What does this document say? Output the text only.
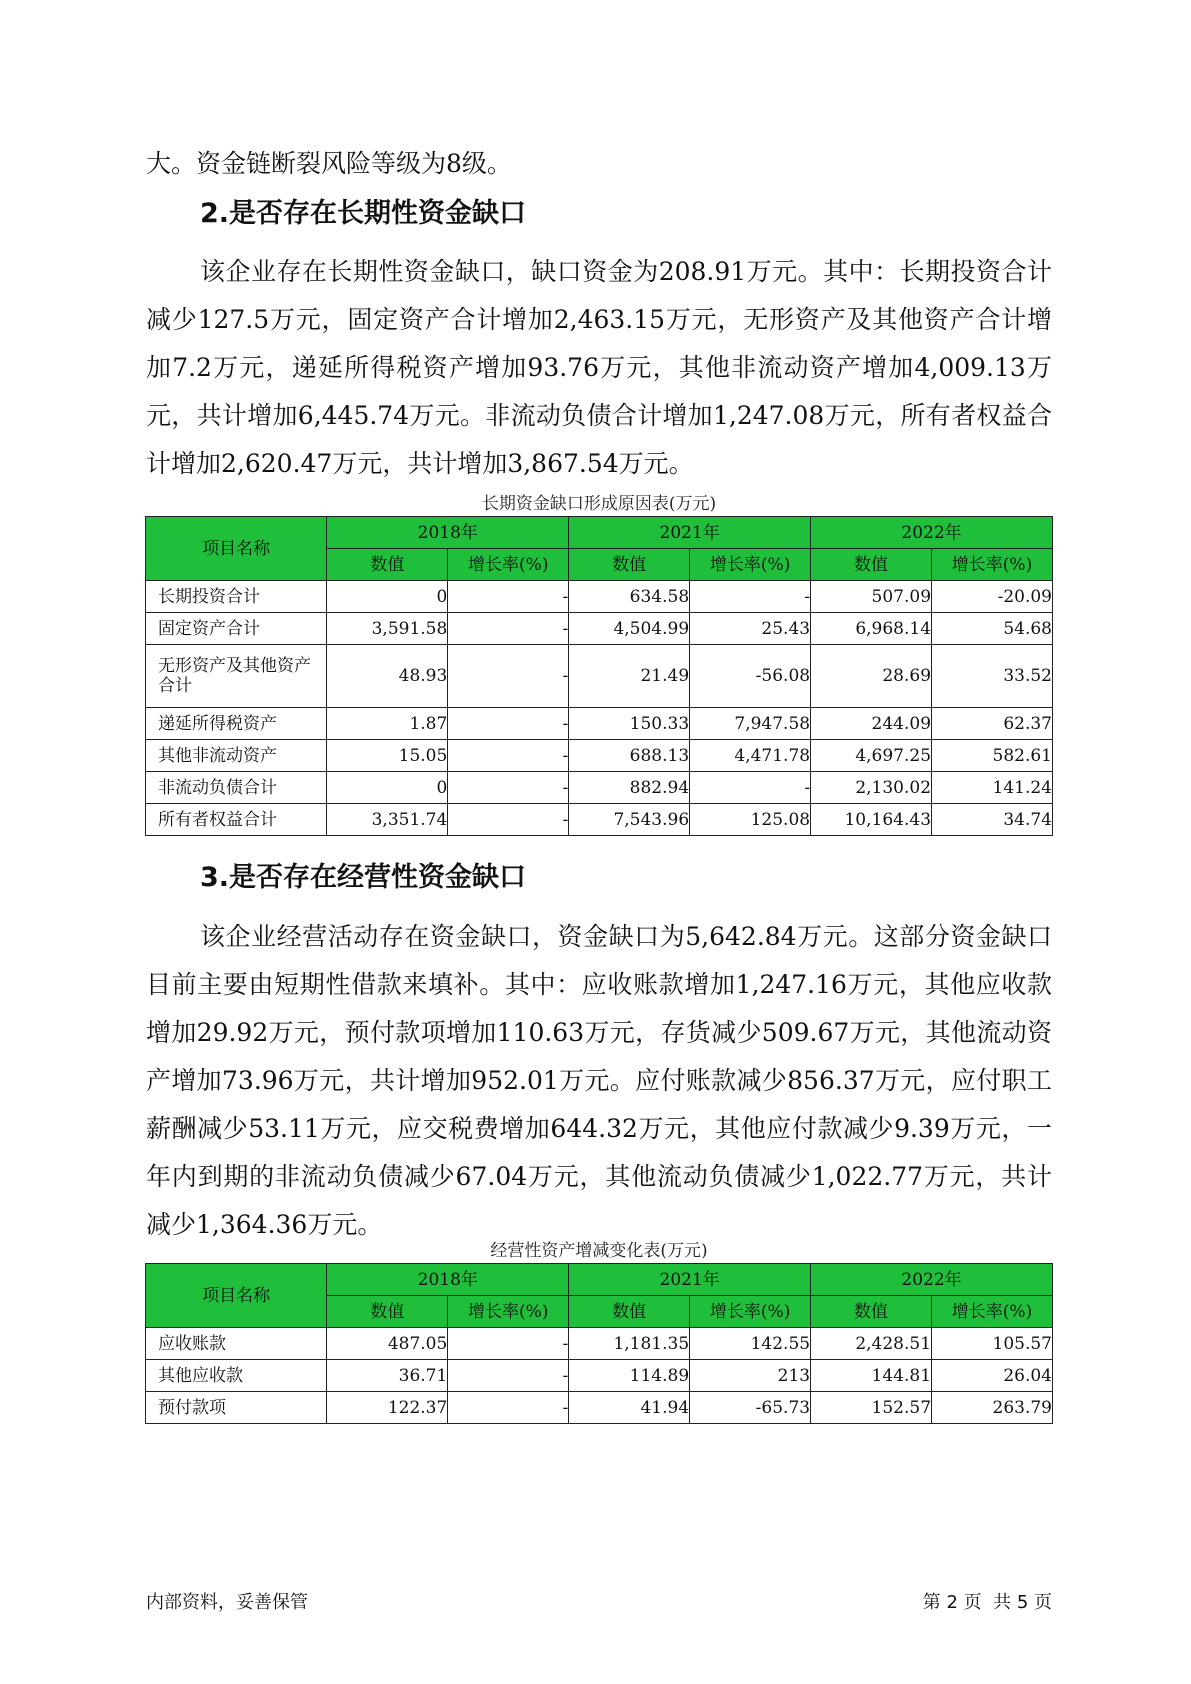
大。资金链断裂风险等级为8级。

2.是否存在长期性资金缺口

该企业存在长期性资金缺口，缺口资金为208.91万元。其中：长期投资合计减少127.5万元，固定资产合计增加2,463.15万元，无形资产及其他资产合计增加7.2万元，递延所得税资产增加93.76万元，其他非流动资产增加4,009.13万元，共计增加6,445.74万元。非流动负债合计增加1,247.08万元，所有者权益合计增加2,620.47万元，共计增加3,867.54万元。

长期资金缺口形成原因表(万元)
项目名称	2018年		2021年		2022年	
	数值	增长率(%)	数值	增长率(%)	数值	增长率(%)
长期投资合计	0	-	634.58	-	507.09	-20.09
固定资产合计	3,591.58	-	4,504.99	25.43	6,968.14	54.68
无形资产及其他资产合计	48.93	-	21.49	-56.08	28.69	33.52
递延所得税资产	1.87	-	150.33	7,947.58	244.09	62.37
其他非流动资产	15.05	-	688.13	4,471.78	4,697.25	582.61
非流动负债合计	0	-	882.94	-	2,130.02	141.24
所有者权益合计	3,351.74	-	7,543.96	125.08	10,164.43	34.74
3.是否存在经营性资金缺口

该企业经营活动存在资金缺口，资金缺口为5,642.84万元。这部分资金缺口目前主要由短期性借款来填补。其中：应收账款增加1,247.16万元，其他应收款增加29.92万元，预付款项增加110.63万元，存货减少509.67万元，其他流动资产增加73.96万元，共计增加952.01万元。应付账款减少856.37万元，应付职工薪酬减少53.11万元，应交税费增加644.32万元，其他应付款减少9.39万元，一年内到期的非流动负债减少67.04万元，其他流动负债减少1,022.77万元，共计减少1,364.36万元。

经营性资产增减变化表(万元)
项目名称	2018年		2021年		2022年	
	数值	增长率(%)	数值	增长率(%)	数值	增长率(%)
应收账款	487.05	-	1,181.35	142.55	2,428.51	105.57
其他应收款	36.71	-	114.89	213	144.81	26.04
预付款项	122.37	-	41.94	-65.73	152.57	263.79
内部资料，妥善保管	第 2 页  共 5 页
